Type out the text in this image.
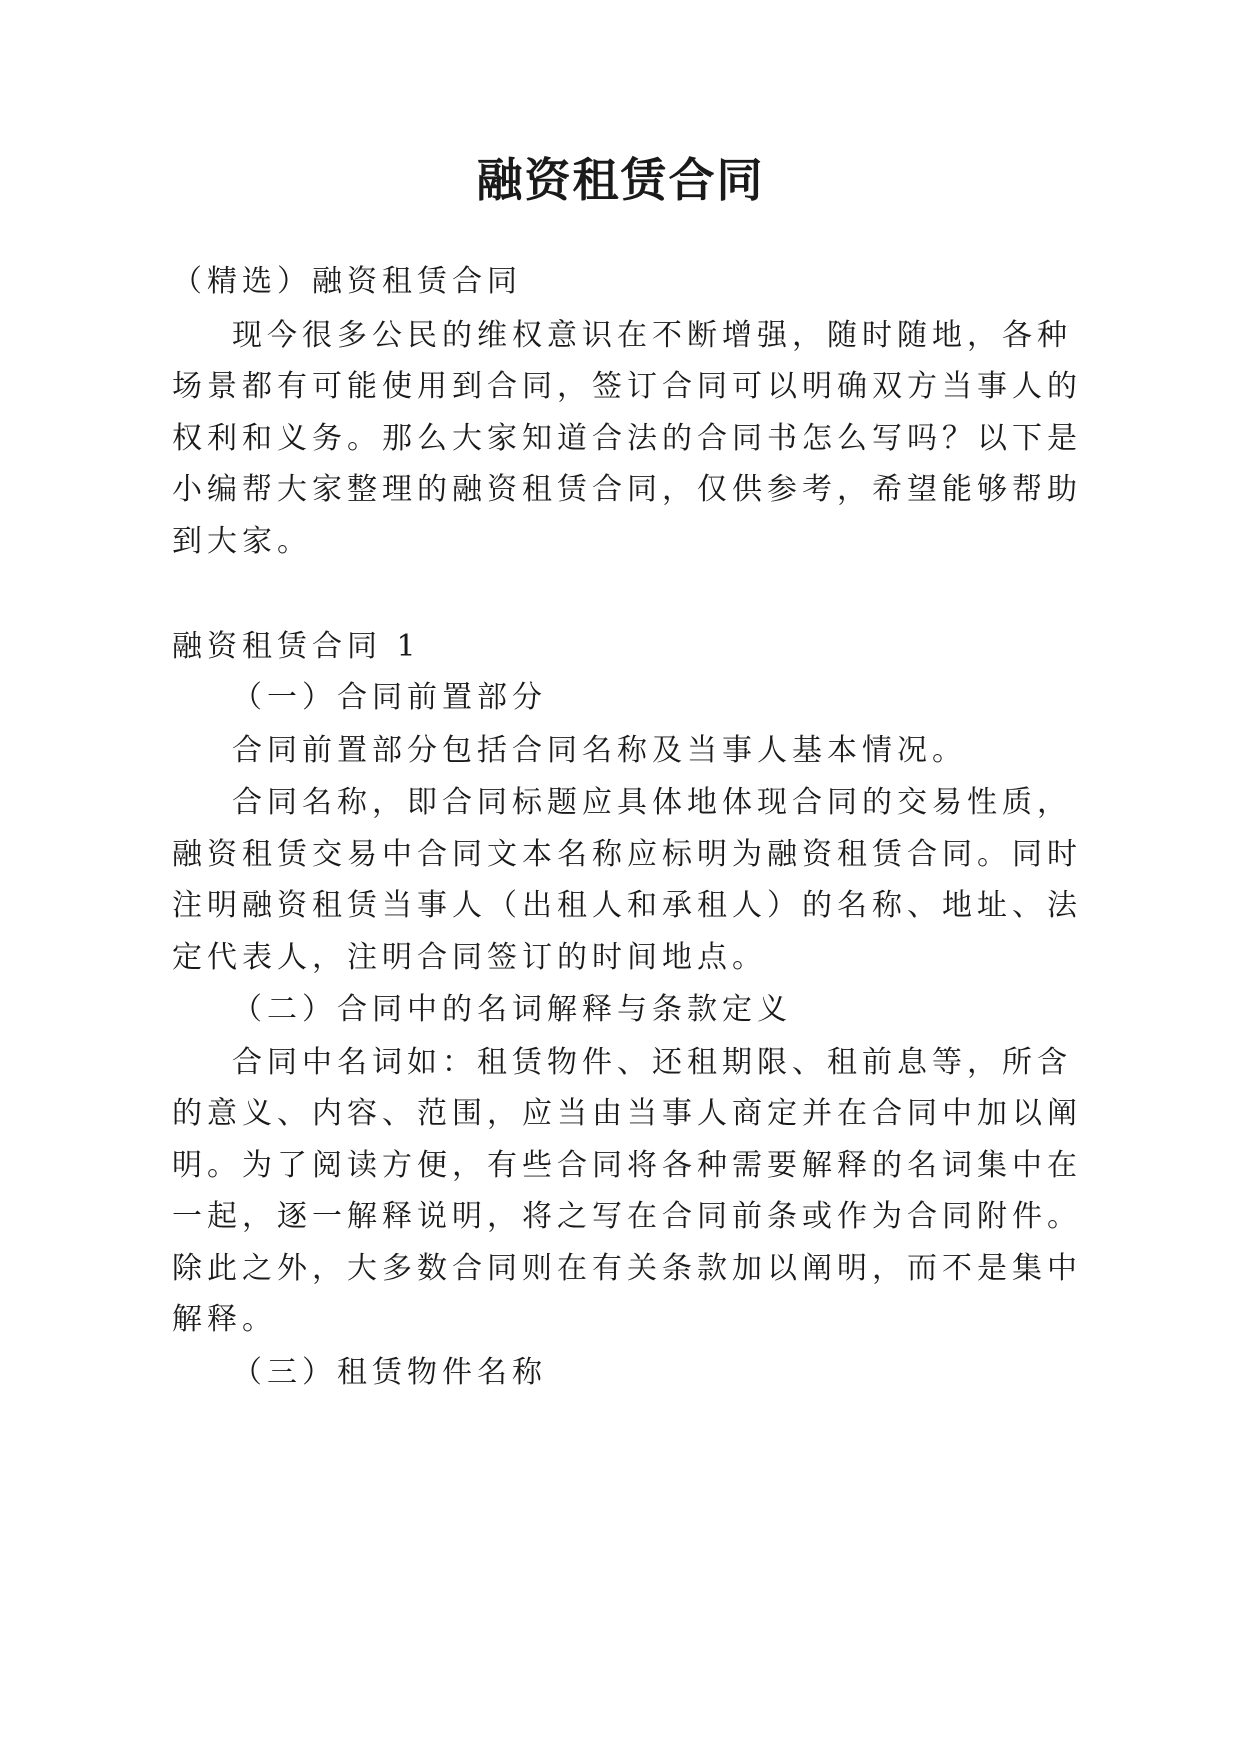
融资租赁合同
（精选）融资租赁合同
现今很多公民的维权意识在不断增强，随时随地，各种
场景都有可能使用到合同，签订合同可以明确双方当事人的
权利和义务。那么大家知道合法的合同书怎么写吗？以下是
小编帮大家整理的融资租赁合同，仅供参考，希望能够帮助
到大家。
融资租赁合同 1
（一）合同前置部分
合同前置部分包括合同名称及当事人基本情况。
合同名称，即合同标题应具体地体现合同的交易性质，
融资租赁交易中合同文本名称应标明为融资租赁合同。同时
注明融资租赁当事人（出租人和承租人）的名称、地址、法
定代表人，注明合同签订的时间地点。
（二）合同中的名词解释与条款定义
合同中名词如：租赁物件、还租期限、租前息等，所含
的意义、内容、范围，应当由当事人商定并在合同中加以阐
明。为了阅读方便，有些合同将各种需要解释的名词集中在
一起，逐一解释说明，将之写在合同前条或作为合同附件。
除此之外，大多数合同则在有关条款加以阐明，而不是集中
解释。
（三）租赁物件名称
